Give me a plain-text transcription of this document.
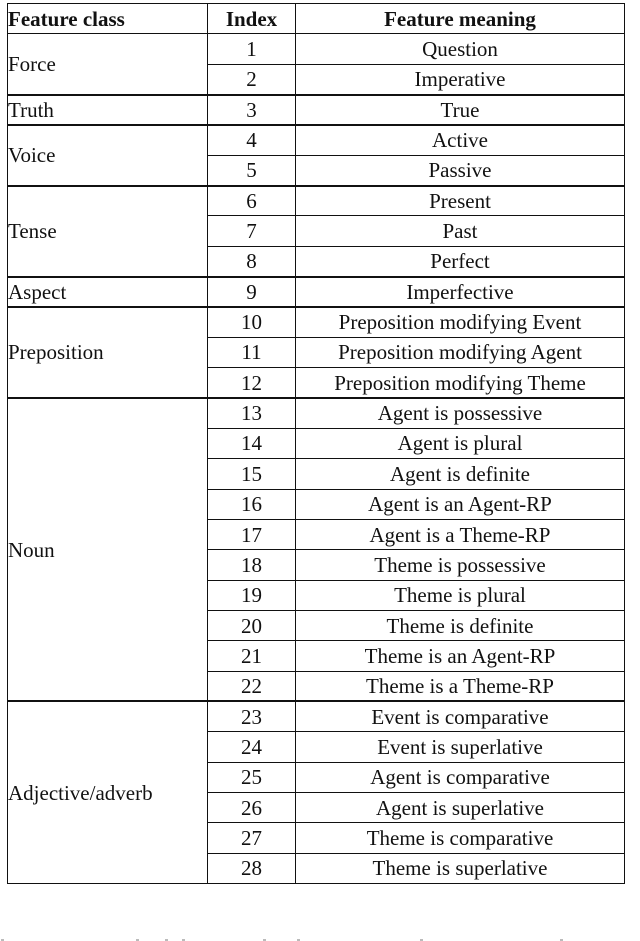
Feature class	Index	Feature meaning
Force	1	Question
	2	Imperative
Truth	3	True
Voice	4	Active
	5	Passive
Tense	6	Present
	7	Past
	8	Perfect
Aspect	9	Imperfective
Preposition	10	Preposition modifying Event
	11	Preposition modifying Agent
	12	Preposition modifying Theme
Noun	13	Agent is possessive
	14	Agent is plural
	15	Agent is definite
	16	Agent is an Agent-RP
	17	Agent is a Theme-RP
	18	Theme is possessive
	19	Theme is plural
	20	Theme is definite
	21	Theme is an Agent-RP
	22	Theme is a Theme-RP
Adjective/adverb	23	Event is comparative
	24	Event is superlative
	25	Agent is comparative
	26	Agent is superlative
	27	Theme is comparative
	28	Theme is superlative
